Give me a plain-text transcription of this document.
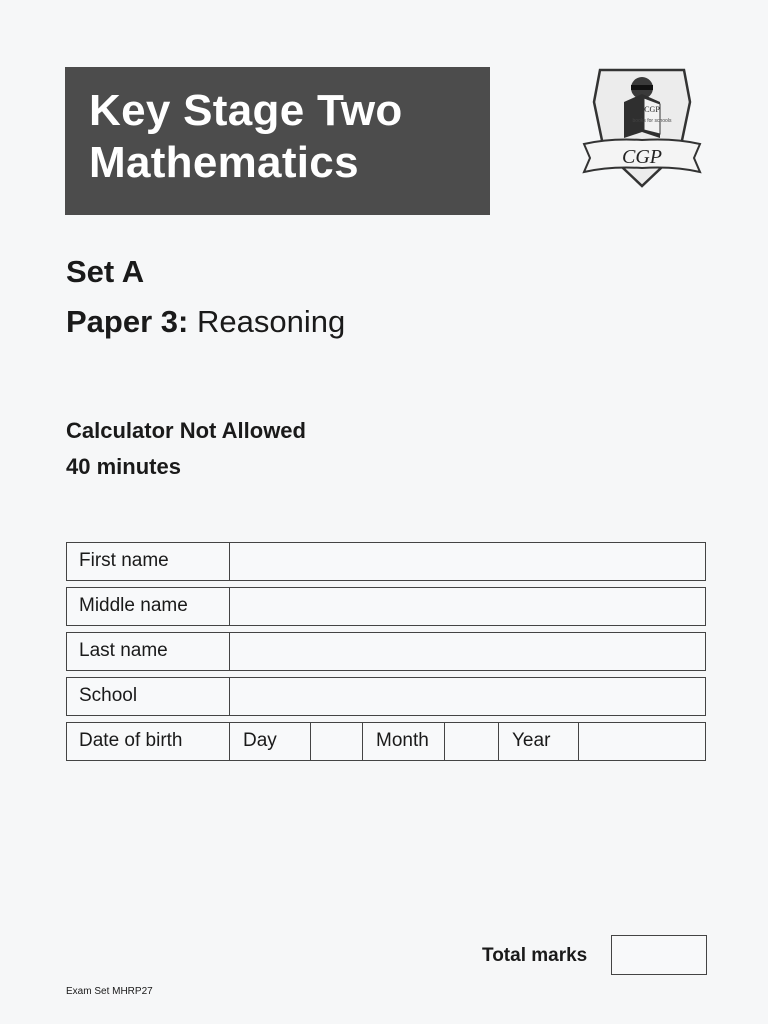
Key Stage Two
Mathematics
CGP
books for schools
CGP
Set A
Paper 3: Reasoning
Calculator Not Allowed
40 minutes
First name
Middle name
Last name
School
Date of birth	Day	Month	Year
Total marks
Exam Set MHRP27
